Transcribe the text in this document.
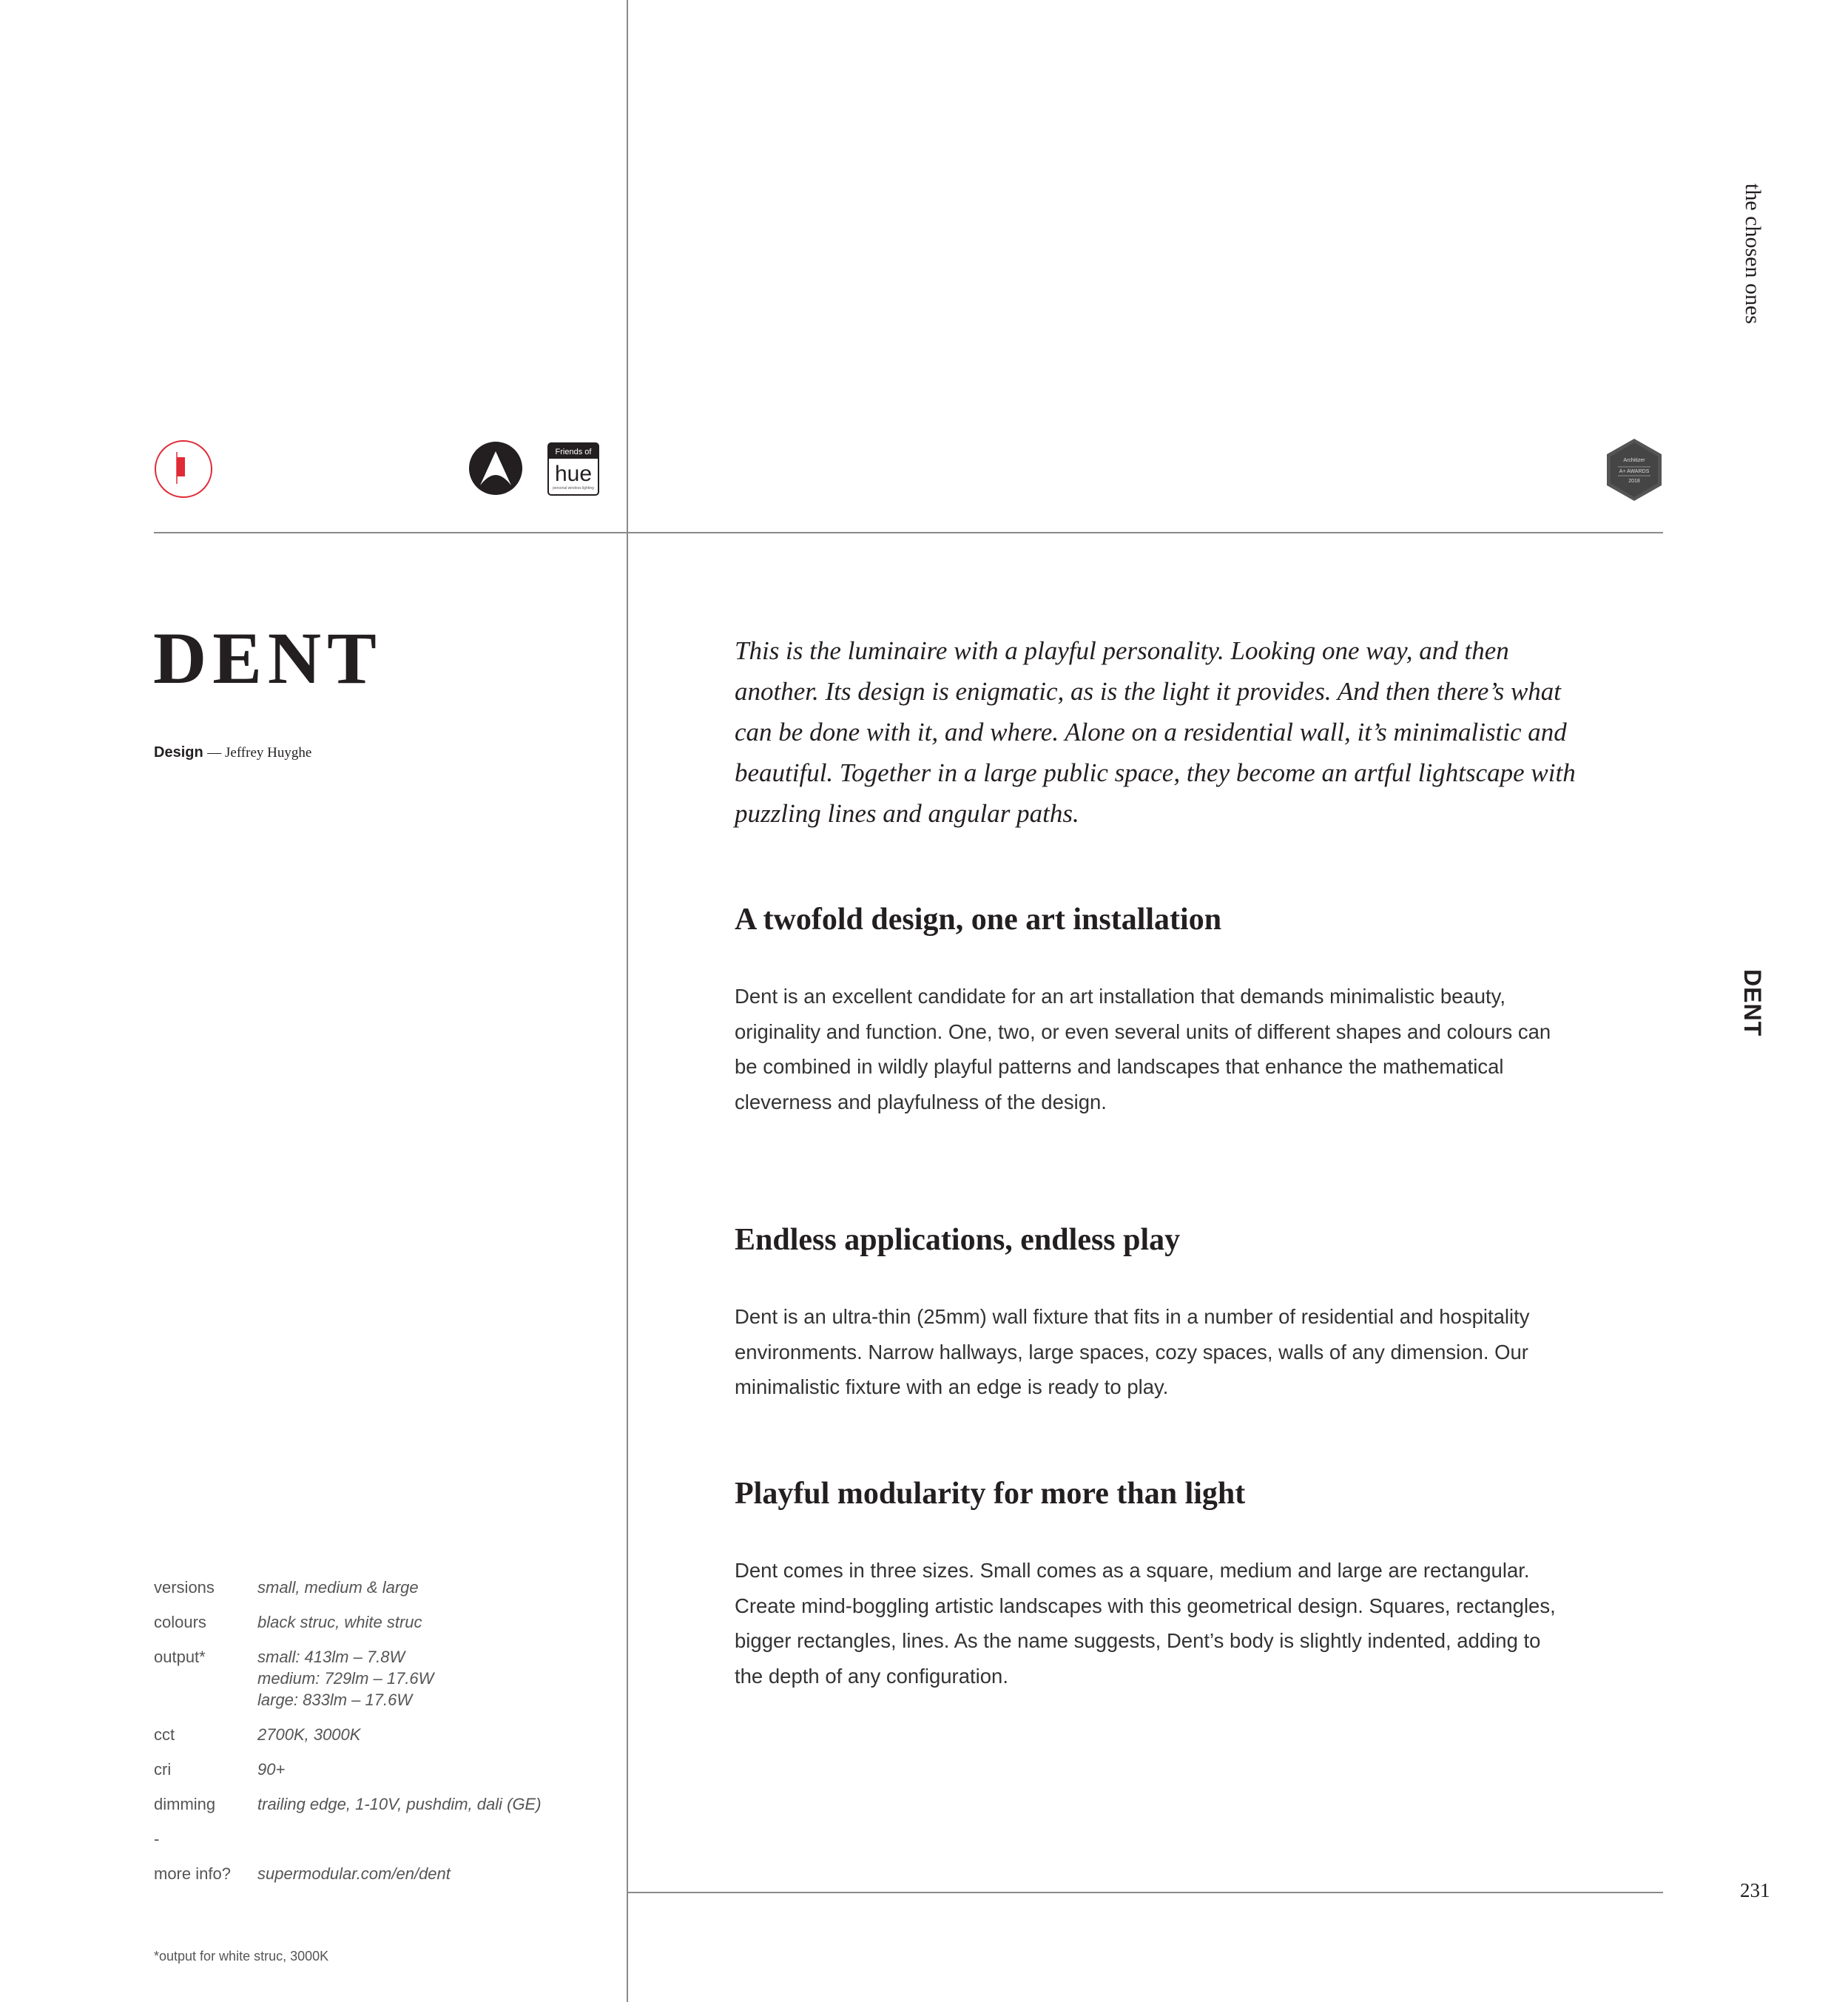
the chosen ones
DENT
231
Friends of
hue
personal wireless lighting
Architizer
A+ AWARDS
2018
DENT
Design — Jeffrey Huyghe

This is the luminaire with a playful personality. Looking one way, and then another. Its design is enigmatic, as is the light it provides. And then there’s what can be done with it, and where. Alone on a residential wall, it’s minimalistic and beautiful. Together in a large public space, they become an artful lightscape with puzzling lines and angular paths.

A twofold design, one art installation

Dent is an excellent candidate for an art installation that demands minimalistic beauty, originality and function. One, two, or even several units of different shapes and colours can be combined in wildly playful patterns and landscapes that enhance the mathematical cleverness and playfulness of the design.

Endless applications, endless play

Dent is an ultra-thin (25mm) wall fixture that fits in a number of residential and hospitality environments. Narrow hallways, large spaces, cozy spaces, walls of any dimension. Our minimalistic fixture with an edge is ready to play.

Playful modularity for more than light

Dent comes in three sizes. Small comes as a square, medium and large are rectangular. Create mind-boggling artistic landscapes with this geometrical design. Squares, rectangles, bigger rectangles, lines. As the name suggests, Dent’s body is slightly indented, adding to the depth of any configuration.

versions	small, medium & large
colours	black struc, white struc
output*	small: 413lm – 7.8W
medium: 729lm – 17.6W
large: 833lm – 17.6W
cct	2700K, 3000K
cri	90+
dimming	trailing edge, 1-10V, pushdim, dali (GE)
-
more info?	supermodular.com/en/dent
*output for white struc, 3000K
